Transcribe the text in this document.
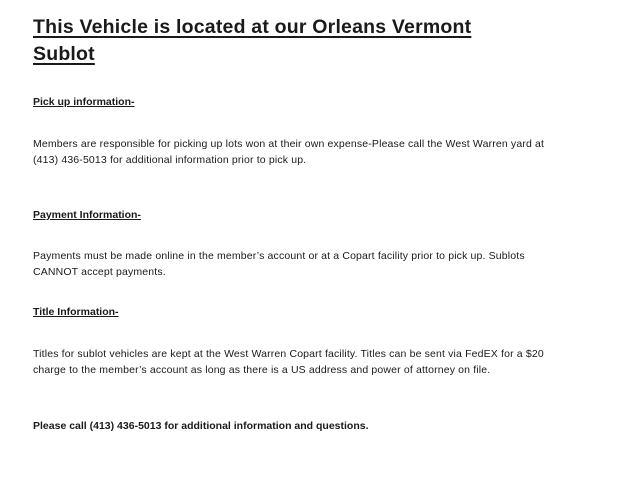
This Vehicle is located at our Orleans Vermont Sublot
Pick up information-

Members are responsible for picking up lots won at their own expense-Please call the West Warren yard at (413) 436-5013 for additional information prior to pick up.

Payment Information-

Payments must be made online in the member’s account or at a Copart facility prior to pick up. Sublots CANNOT accept payments.

Title Information-

Titles for sublot vehicles are kept at the West Warren Copart facility. Titles can be sent via FedEX for a $20 charge to the member’s account as long as there is a US address and power of attorney on file.

Please call (413) 436-5013 for additional information and questions.
